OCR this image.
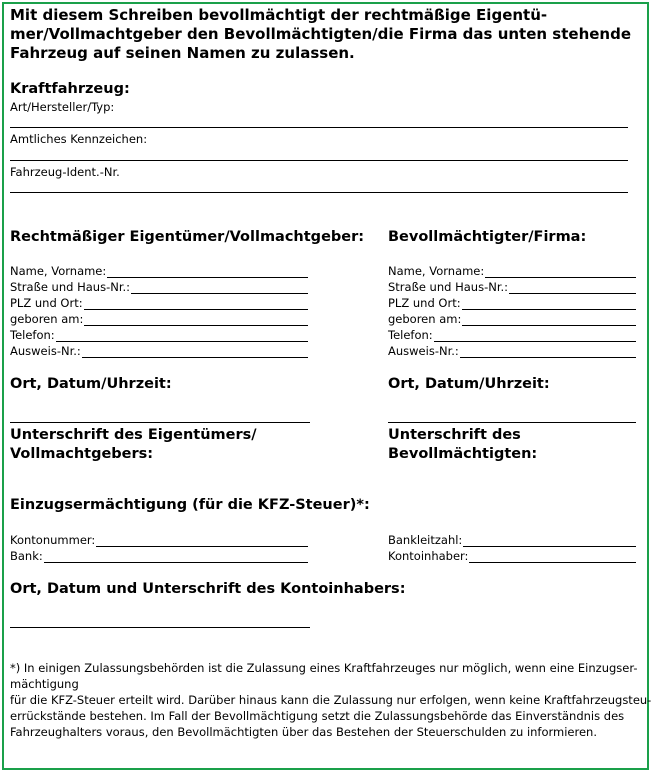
Mit diesem Schreiben bevollmächtigt der rechtmäßige Eigentü-
mer/Vollmachtgeber den Bevollmächtigten/die Firma das unten stehende
Fahrzeug auf seinen Namen zu zulassen.
Kraftfahrzeug:
Art/Hersteller/Typ:
Amtliches Kennzeichen:
Fahrzeug-Ident.-Nr.
Rechtmäßiger Eigentümer/Vollmachtgeber: Bevollmächtigter/Firma:
Name, Vorname:
Straße und Haus-Nr.:
PLZ und Ort:
geboren am:
Telefon:
Ausweis-Nr.:
Name, Vorname:
Straße und Haus-Nr.:
PLZ und Ort:
geboren am:
Telefon:
Ausweis-Nr.:
Ort, Datum/Uhrzeit:	Ort, Datum/Uhrzeit:
Unterschrift des Eigentümers/
Vollmachtgebers:
Unterschrift des
Bevollmächtigten:
Einzugsermächtigung (für die KFZ-Steuer)*:
Kontonummer:
Bank:
Bankleitzahl:
Kontoinhaber:
Ort, Datum und Unterschrift des Kontoinhabers:
*) In einigen Zulassungsbehörden ist die Zulassung eines Kraftfahrzeuges nur möglich, wenn eine Einzugser-
mächtigung
für die KFZ-Steuer erteilt wird. Darüber hinaus kann die Zulassung nur erfolgen, wenn keine Kraftfahrzeugsteu-
errückstände bestehen. Im Fall der Bevollmächtigung setzt die Zulassungsbehörde das Einverständnis des
Fahrzeughalters voraus, den Bevollmächtigten über das Bestehen der Steuerschulden zu informieren.
